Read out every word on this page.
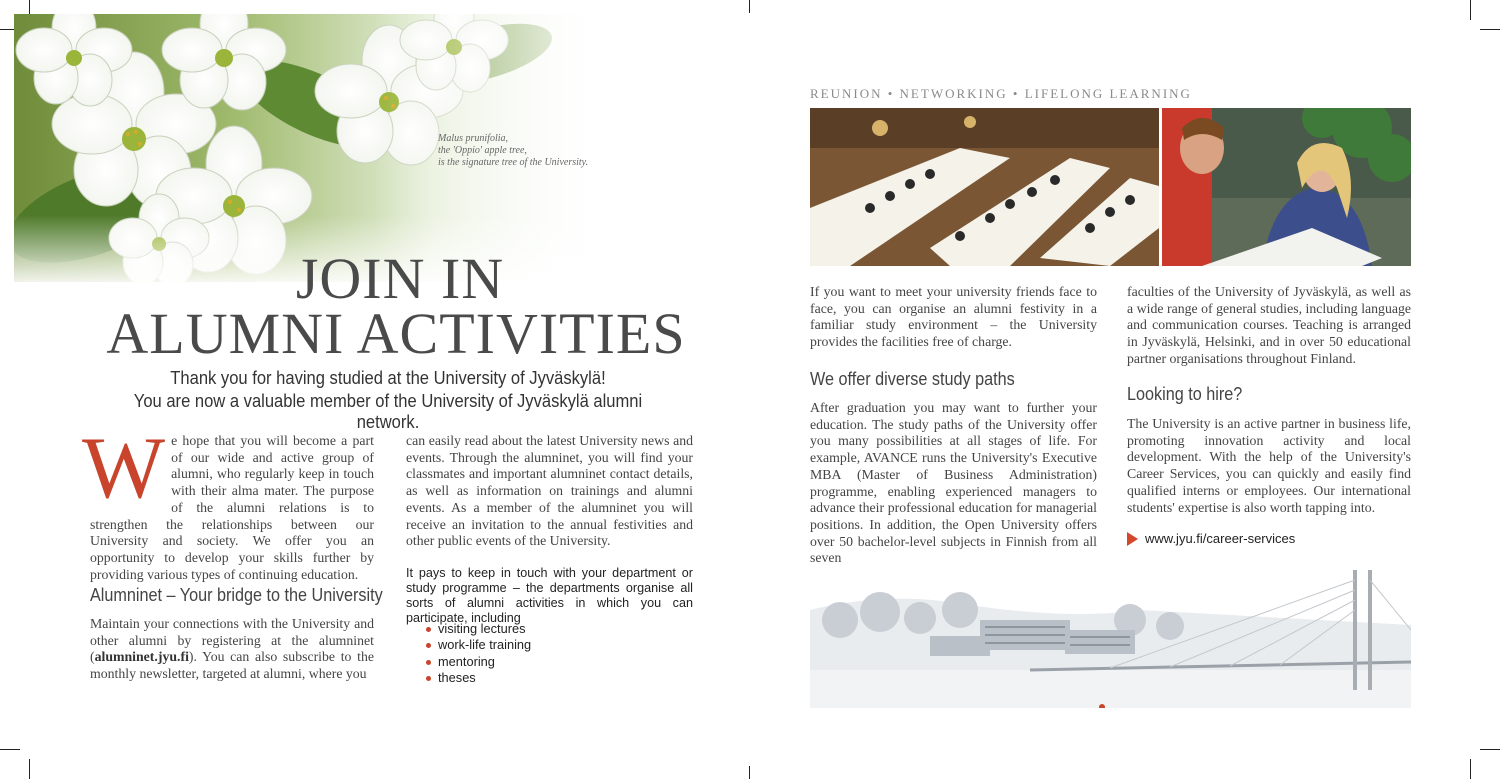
Malus prunifolia,
the 'Oppio' apple tree,
is the signature tree of the University.
JOIN IN
ALUMNI ACTIVITIES
Thank you for having studied at the University of Jyväskylä!
You are now a valuable member of the University of Jyväskylä alumni network.
We hope that you will become a part of our wide and active group of alumni, who regularly keep in touch with their alma mater. The purpose of the alumni relations is to strengthen the relationships between our University and society. We offer you an opportunity to develop your skills further by providing various types of continuing education.
Alumninet – Your bridge to the University
Maintain your connections with the University and other alumni by registering at the alumninet (alumninet.jyu.fi). You can also subscribe to the monthly newsletter, targeted at alumni, where you
can easily read about the latest University news and events. Through the alumninet, you will find your classmates and important alumninet contact details, as well as information on trainings and alumni events. As a member of the alumninet you will receive an invitation to the annual festivities and other public events of the University.
It pays to keep in touch with your department or study programme – the departments organise all sorts of alumni activities in which you can participate, including
visiting lectures
work-life training
mentoring
theses
REUNION • NETWORKING • LIFELONG LEARNING
If you want to meet your university friends face to face, you can organise an alumni festivity in a familiar study environment – the University provides the facilities free of charge.
We offer diverse study paths
After graduation you may want to further your education. The study paths of the University offer you many possibilities at all stages of life. For example, AVANCE runs the University's Executive MBA (Master of Business Administration) programme, enabling experienced managers to advance their professional education for managerial positions. In addition, the Open University offers over 50 bachelor-level subjects in Finnish from all seven
faculties of the University of Jyväskylä, as well as a wide range of general studies, including language and communication courses. Teaching is arranged in Jyväskylä, Helsinki, and in over 50 educational partner organisations throughout Finland.
Looking to hire?
The University is an active partner in business life, promoting innovation activity and local development. With the help of the University's Career Services, you can quickly and easily find qualified interns or employees. Our international students' expertise is also worth tapping into.
www.jyu.fi/career-services
